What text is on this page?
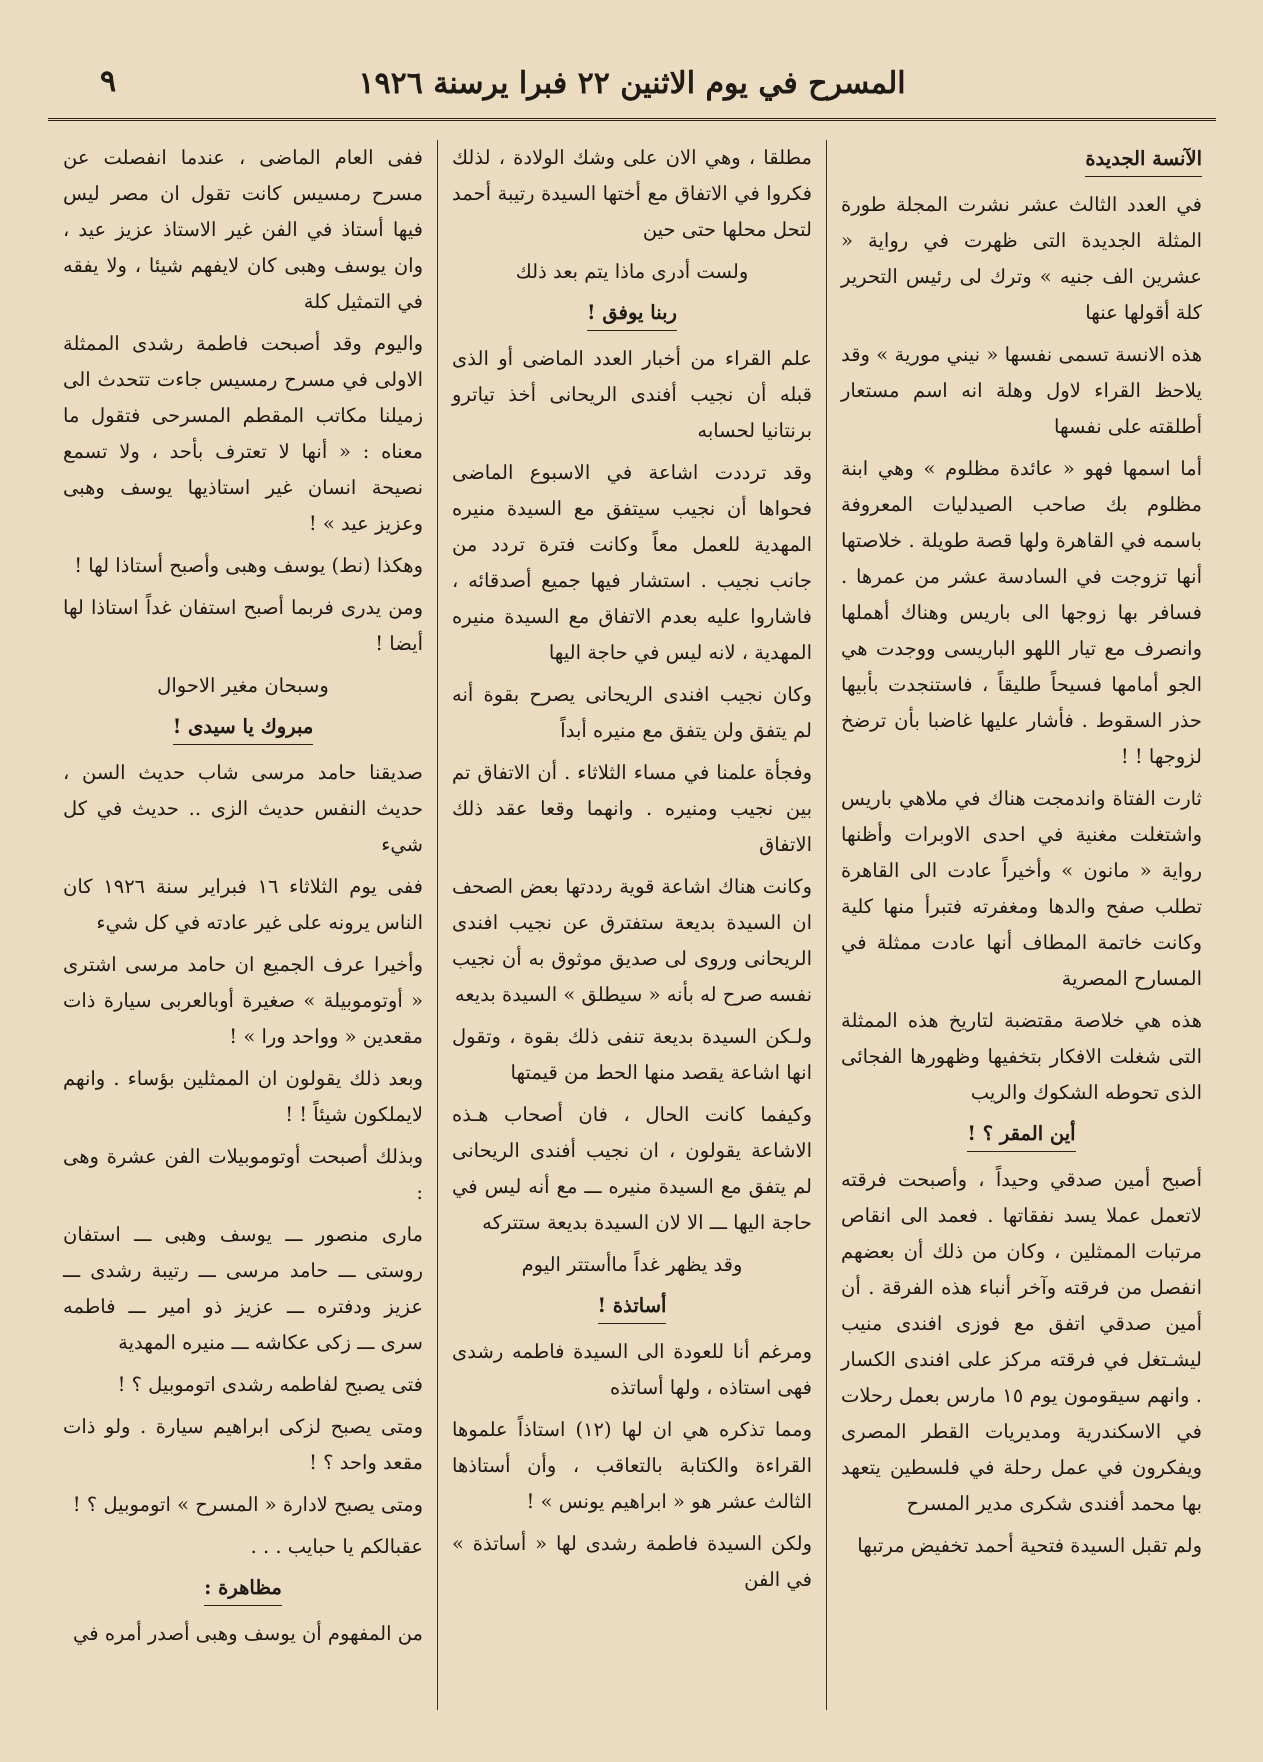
المسرح في يوم الاثنين ٢٢ فبرا يرسنة ١٩٢٦
٩
الآنسة الجديدة

في العدد الثالث عشر نشرت المجلة طورة المثلة الجديدة التى ظهرت في رواية « عشرين الف جنيه » وترك لى رئيس التحرير كلة أقولها عنها

هذه الانسة تسمى نفسها « نيني مورية » وقد يلاحظ القراء لاول وهلة انه اسم مستعار أطلقته على نفسها

أما اسمها فهو « عائدة مظلوم » وهي ابنة مظلوم بك صاحب الصيدليات المعروفة باسمه في القاهرة ولها قصة طويلة . خلاصتها أنها تزوجت في السادسة عشر من عمرها . فسافر بها زوجها الى باريس وهناك أهملها وانصرف مع تيار اللهو الباريسى ووجدت هي الجو أمامها فسيحاً طليقاً ، فاستنجدت بأبيها حذر السقوط . فأشار عليها غاضبا بأن ترضخ لزوجها ! !

ثارت الفتاة واندمجت هناك في ملاهي باريس واشتغلت مغنية في احدى الاوبرات وأظنها رواية « مانون » وأخيراً عادت الى القاهرة تطلب صفح والدها ومغفرته فتبرأ منها كلية وكانت خاتمة المطاف أنها عادت ممثلة في المسارح المصرية

هذه هي خلاصة مقتضبة لتاريخ هذه الممثلة التى شغلت الافكار بتخفيها وظهورها الفجائى الذى تحوطه الشكوك والريب

أين المقر ؟ !

أصبح أمين صدقي وحيداً ، وأصبحت فرقته لاتعمل عملا يسد نفقاتها . فعمد الى انقاص مرتبات الممثلين ، وكان من ذلك أن بعضهم انفصل من فرقته وآخر أنباء هذه الفرقة . أن أمين صدقي اتفق مع فوزى افندى منيب ليشـتغل في فرقته مركز على افندى الكسار . وانهم سيقومون يوم ١٥ مارس بعمل رحلات في الاسكندرية ومديريات القطر المصرى ويفكرون في عمل رحلة في فلسطين يتعهد بها محمد أفندى شكرى مدير المسرح

ولم تقبل السيدة فتحية أحمد تخفيض مرتبها

مطلقا ، وهي الان على وشك الولادة ، لذلك فكروا في الاتفاق مع أختها السيدة رتيبة أحمد لتحل محلها حتى حين

ولست أدرى ماذا يتم بعد ذلك

ربنا يوفق !

علم القراء من أخبار العدد الماضى أو الذى قبله أن نجيب أفندى الريحانى أخذ تياترو برنتانيا لحسابه

وقد ترددت اشاعة في الاسبوع الماضى فحواها أن نجيب سيتفق مع السيدة منيره المهدية للعمل معاً وكانت فترة تردد من جانب نجيب . استشار فيها جميع أصدقائه ، فاشاروا عليه بعدم الاتفاق مع السيدة منيره المهدية ، لانه ليس في حاجة اليها

وكان نجيب افندى الريحانى يصرح بقوة أنه لم يتفق ولن يتفق مع منيره أبداً

وفجأة علمنا في مساء الثلاثاء . أن الاتفاق تم بين نجيب ومنيره . وانهما وقعا عقد ذلك الاتفاق

وكانت هناك اشاعة قوية رددتها بعض الصحف ان السيدة بديعة ستفترق عن نجيب افندى الريحانى وروى لى صديق موثوق به أن نجيب نفسه صرح له بأنه « سيطلق » السيدة بديعه

ولـكن السيدة بديعة تنفى ذلك بقوة ، وتقول انها اشاعة يقصد منها الحط من قيمتها

وكيفما كانت الحال ، فان أصحاب هـذه الاشاعة يقولون ، ان نجيب أفندى الريحانى لم يتفق مع السيدة منيره ـــ مع أنه ليس في حاجة اليها ـــ الا لان السيدة بديعة ستتركه

وقد يظهر غداً ماأستتر اليوم

أساتذة !

ومرغم أنا للعودة الى السيدة فاطمه رشدى فهى استاذه ، ولها أساتذه

ومما تذكره هي ان لها (١٢) استاذاً علموها القراءة والكتابة بالتعاقب ، وأن أستاذها الثالث عشر هو « ابراهيم يونس » !

ولكن السيدة فاطمة رشدى لها « أساتذة » في الفن

ففى العام الماضى ، عندما انفصلت عن مسرح رمسيس كانت تقول ان مصر ليس فيها أستاذ في الفن غير الاستاذ عزيز عيد ، وان يوسف وهبى كان لايفهم شيئا ، ولا يفقه في التمثيل كلة

واليوم وقد أصبحت فاطمة رشدى الممثلة الاولى في مسرح رمسيس جاءت تتحدث الى زميلنا مكاتب المقطم المسرحى فتقول ما معناه : « أنها لا تعترف بأحد ، ولا تسمع نصيحة انسان غير استاذيها يوسف وهبى وعزيز عيد » !

وهكذا (نط) يوسف وهبى وأصبح أستاذا لها !

ومن يدرى فربما أصبح استفان غداً استاذا لها أيضا !

وسبحان مغير الاحوال

مبروك يا سيدى !

صديقنا حامد مرسى شاب حديث السن ، حديث النفس حديث الزى .. حديث في كل شيء

ففى يوم الثلاثاء ١٦ فبراير سنة ١٩٢٦ كان الناس يرونه على غير عادته في كل شيء

وأخيرا عرف الجميع ان حامد مرسى اشترى « أوتوموبيلة » صغيرة أوبالعربى سيارة ذات مقعدين « وواحد ورا » !

وبعد ذلك يقولون ان الممثلين بؤساء . وانهم لايملكون شيئاً ! !

وبذلك أصبحت أوتوموبيلات الفن عشرة وهى :

مارى منصور ـــ يوسف وهبى ـــ استفان روستى ـــ حامد مرسى ـــ رتيبة رشدى ـــ عزيز ودفتره ـــ عزيز ذو امير ـــ فاطمه سرى ـــ زكى عكاشه ـــ منيره المهدية

فتى يصبح لفاطمه رشدى اتوموبيل ؟ !

ومتى يصبح لزكى ابراهيم سيارة . ولو ذات مقعد واحد ؟ !

ومتى يصبح لادارة « المسرح » اتوموبيل ؟ !

عقبالكم يا حبايب . . .

مظاهرة :

من المفهوم أن يوسف وهبى أصدر أمره في
